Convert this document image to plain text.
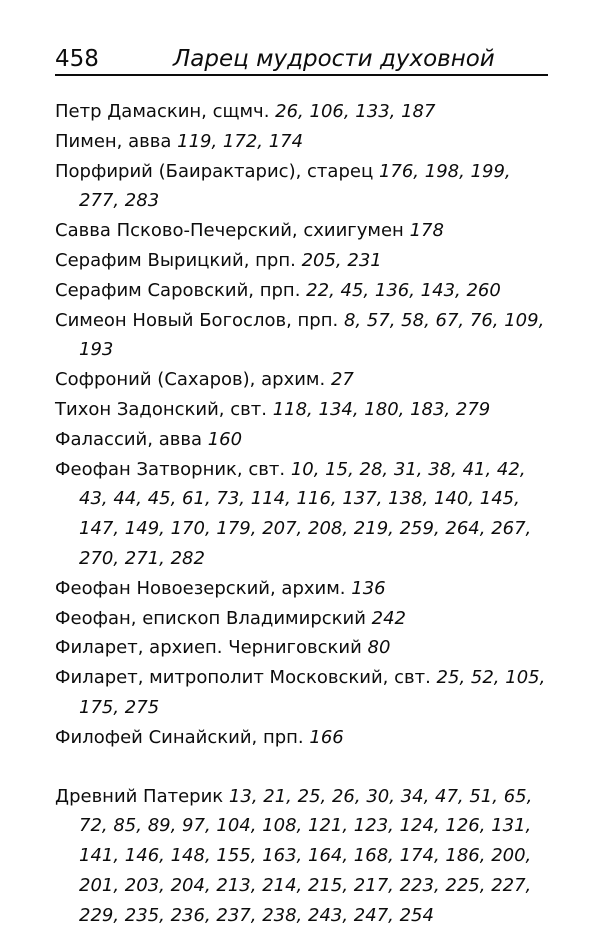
458	Ларец мудрости духовной

Петр Дамаскин, сщмч. 26, 106, 133, 187

Пимен, авва 119, 172, 174

Порфирий (Баирактарис), старец 176, 198, 199, 277, 283

Савва Псково-Печерский, схиигумен 178

Серафим Вырицкий, прп. 205, 231

Серафим Саровский, прп. 22, 45, 136, 143, 260

Симеон Новый Богослов, прп. 8, 57, 58, 67, 76, 109, 193

Софроний (Сахаров), архим. 27

Тихон Задонский, свт. 118, 134, 180, 183, 279

Фалассий, авва 160

Феофан Затворник, свт. 10, 15, 28, 31, 38, 41, 42, 43, 44, 45, 61, 73, 114, 116, 137, 138, 140, 145, 147, 149, 170, 179, 207, 208, 219, 259, 264, 267, 270, 271, 282

Феофан Новоезерский, архим. 136

Феофан, епископ Владимирский 242

Филарет, архиеп. Черниговский 80

Филарет, митрополит Московский, свт. 25, 52, 105, 175, 275

Филофей Синайский, прп. 166

Древний Патерик 13, 21, 25, 26, 30, 34, 47, 51, 65, 72, 85, 89, 97, 104, 108, 121, 123, 124, 126, 131, 141, 146, 148, 155, 163, 164, 168, 174, 186, 200, 201, 203, 204, 213, 214, 215, 217, 223, 225, 227, 229, 235, 236, 237, 238, 243, 247, 254
